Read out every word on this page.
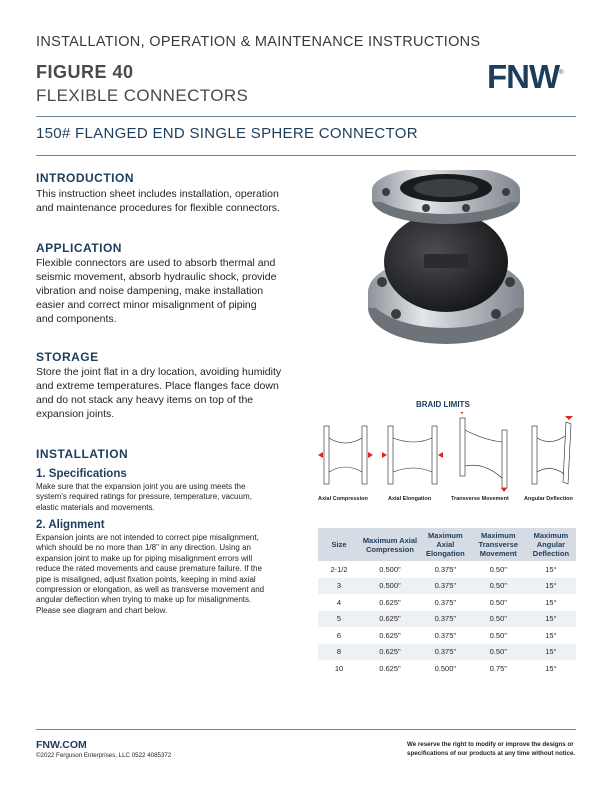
INSTALLATION, OPERATION & MAINTENANCE INSTRUCTIONS
FIGURE 40
FLEXIBLE CONNECTORS
FNW®
150# FLANGED END SINGLE SPHERE CONNECTOR
INTRODUCTION
This instruction sheet includes installation, operation
and maintenance procedures for flexible connectors.
APPLICATION
Flexible connectors are used to absorb thermal and
seismic movement, absorb hydraulic shock, provide
vibration and noise dampening, make installation
easier and correct minor misalignment of piping
and components.
STORAGE
Store the joint flat in a dry location, avoiding humidity
and extreme temperatures. Place flanges face down
and do not stack any heavy items on top of the
expansion joints.
INSTALLATION
1. Specifications
Make sure that the expansion joint you are using meets the
system's required ratings for pressure, temperature, vacuum,
elastic materials and movements.
2. Alignment
Expansion joints are not intended to correct pipe misalignment,
which should be no more than 1/8" in any direction. Using an
expansion joint to make up for piping misalignment errors will
reduce the rated movements and cause premature failure. If the
pipe is misaligned, adjust fixation points, keeping in mind axial
compression or elongation, as well as transverse movement and
angular deflection when trying to make up for misalignments.
Please see diagram and chart below.
BRAID LIMITS
Axial Compression	Axial Elongation	Transverse Movement	Angular Deflection
Size	Maximum Axial Compression	Maximum Axial Elongation	Maximum Transverse Movement	Maximum Angular Deflection
2-1/2	0.500"	0.375"	0.50"	15°
3	0.500"	0.375"	0.50"	15°
4	0.625"	0.375"	0.50"	15°
5	0.625"	0.375"	0.50"	15°
6	0.625"	0.375"	0.50"	15°
8	0.625"	0.375"	0.50"	15°
10	0.625"	0.500"	0.75"	15°
FNW.COM
©2022 Ferguson Enterprises, LLC 0522 4085372
We reserve the right to modify or improve the designs or
specifications of our products at any time without notice.
